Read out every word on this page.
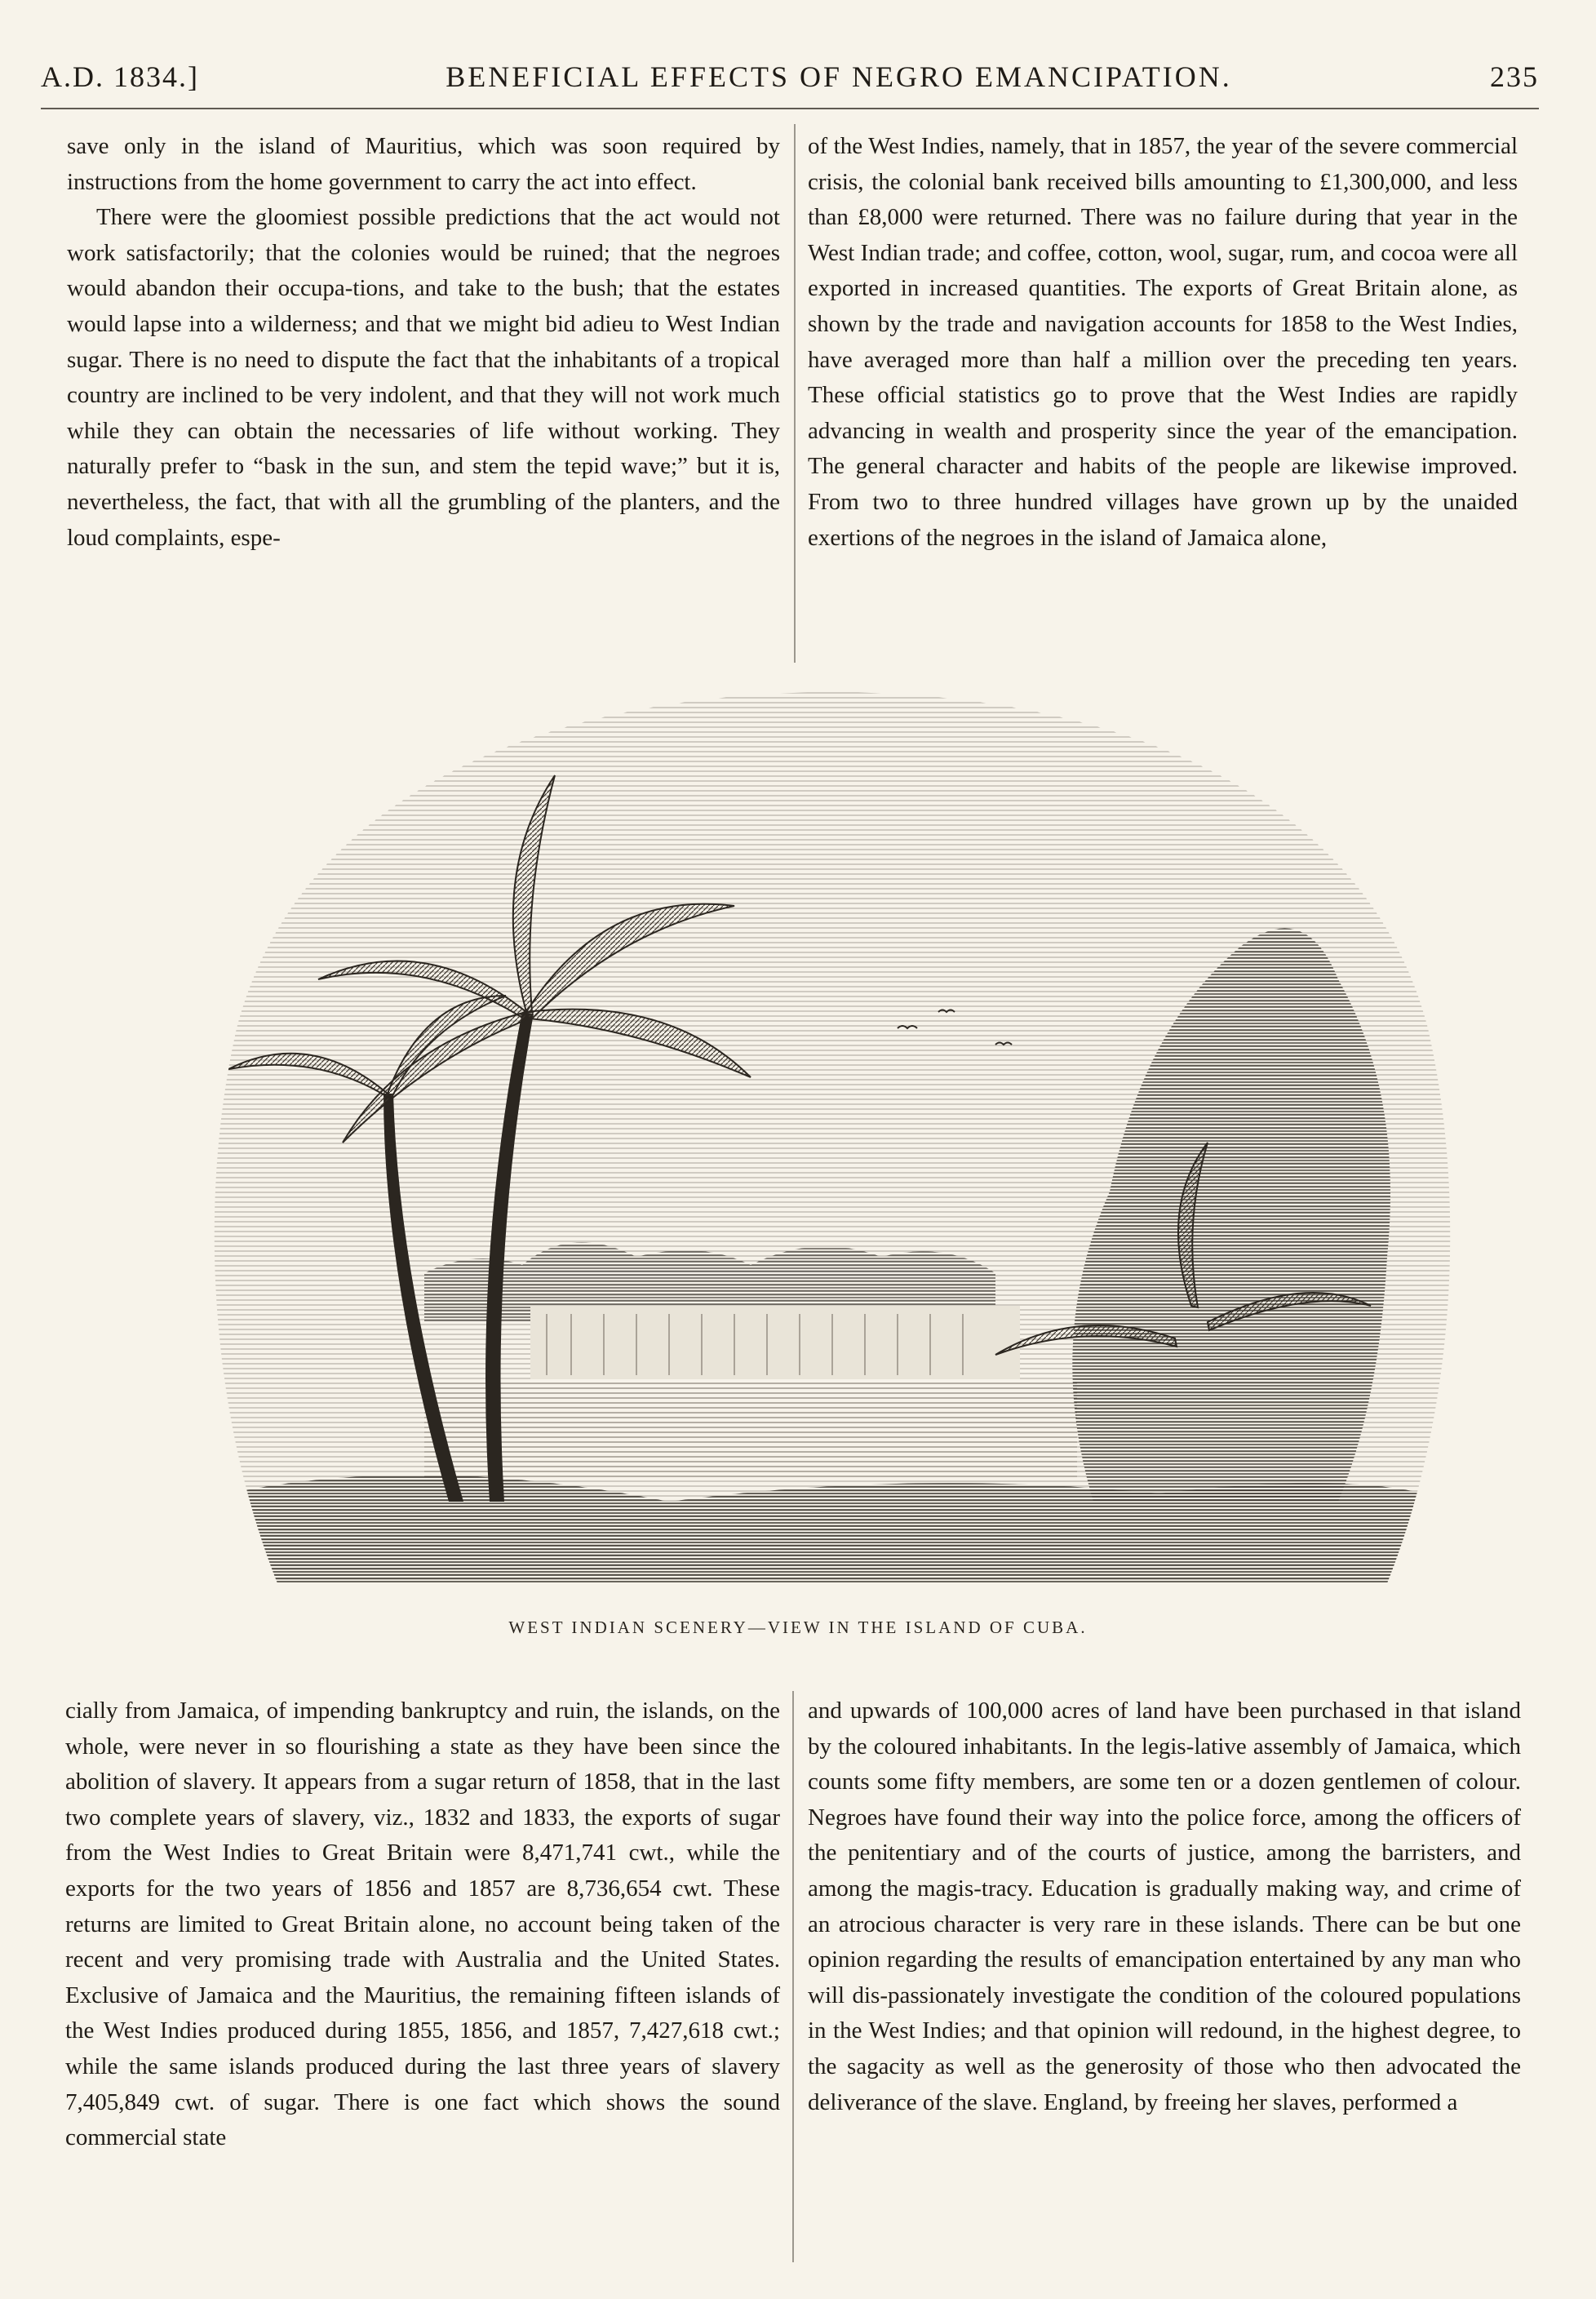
A.D. 1834.]	BENEFICIAL EFFECTS OF NEGRO EMANCIPATION.	235

save only in the island of Mauritius, which was soon required by instructions from the home government to carry the act into effect.

There were the gloomiest possible predictions that the act would not work satisfactorily; that the colonies would be ruined; that the negroes would abandon their occupa-tions, and take to the bush; that the estates would lapse into a wilderness; and that we might bid adieu to West Indian sugar. There is no need to dispute the fact that the inhabitants of a tropical country are inclined to be very indolent, and that they will not work much while they can obtain the necessaries of life without working. They naturally prefer to “bask in the sun, and stem the tepid wave;” but it is, nevertheless, the fact, that with all the grumbling of the planters, and the loud complaints, espe-

of the West Indies, namely, that in 1857, the year of the severe commercial crisis, the colonial bank received bills amounting to £1,300,000, and less than £8,000 were returned. There was no failure during that year in the West Indian trade; and coffee, cotton, wool, sugar, rum, and cocoa were all exported in increased quantities. The exports of Great Britain alone, as shown by the trade and navigation accounts for 1858 to the West Indies, have averaged more than half a million over the preceding ten years. These official statistics go to prove that the West Indies are rapidly advancing in wealth and prosperity since the year of the emancipation. The general character and habits of the people are likewise improved. From two to three hundred villages have grown up by the unaided exertions of the negroes in the island of Jamaica alone,

WEST INDIAN SCENERY—VIEW IN THE ISLAND OF CUBA.

cially from Jamaica, of impending bankruptcy and ruin, the islands, on the whole, were never in so flourishing a state as they have been since the abolition of slavery. It appears from a sugar return of 1858, that in the last two complete years of slavery, viz., 1832 and 1833, the exports of sugar from the West Indies to Great Britain were 8,471,741 cwt., while the exports for the two years of 1856 and 1857 are 8,736,654 cwt. These returns are limited to Great Britain alone, no account being taken of the recent and very promising trade with Australia and the United States. Exclusive of Jamaica and the Mauritius, the remaining fifteen islands of the West Indies produced during 1855, 1856, and 1857, 7,427,618 cwt.; while the same islands produced during the last three years of slavery 7,405,849 cwt. of sugar. There is one fact which shows the sound commercial state

and upwards of 100,000 acres of land have been purchased in that island by the coloured inhabitants. In the legis-lative assembly of Jamaica, which counts some fifty members, are some ten or a dozen gentlemen of colour. Negroes have found their way into the police force, among the officers of the penitentiary and of the courts of justice, among the barristers, and among the magis-tracy. Education is gradually making way, and crime of an atrocious character is very rare in these islands. There can be but one opinion regarding the results of emancipation entertained by any man who will dis-passionately investigate the condition of the coloured populations in the West Indies; and that opinion will redound, in the highest degree, to the sagacity as well as the generosity of those who then advocated the deliverance of the slave. England, by freeing her slaves, performed a
